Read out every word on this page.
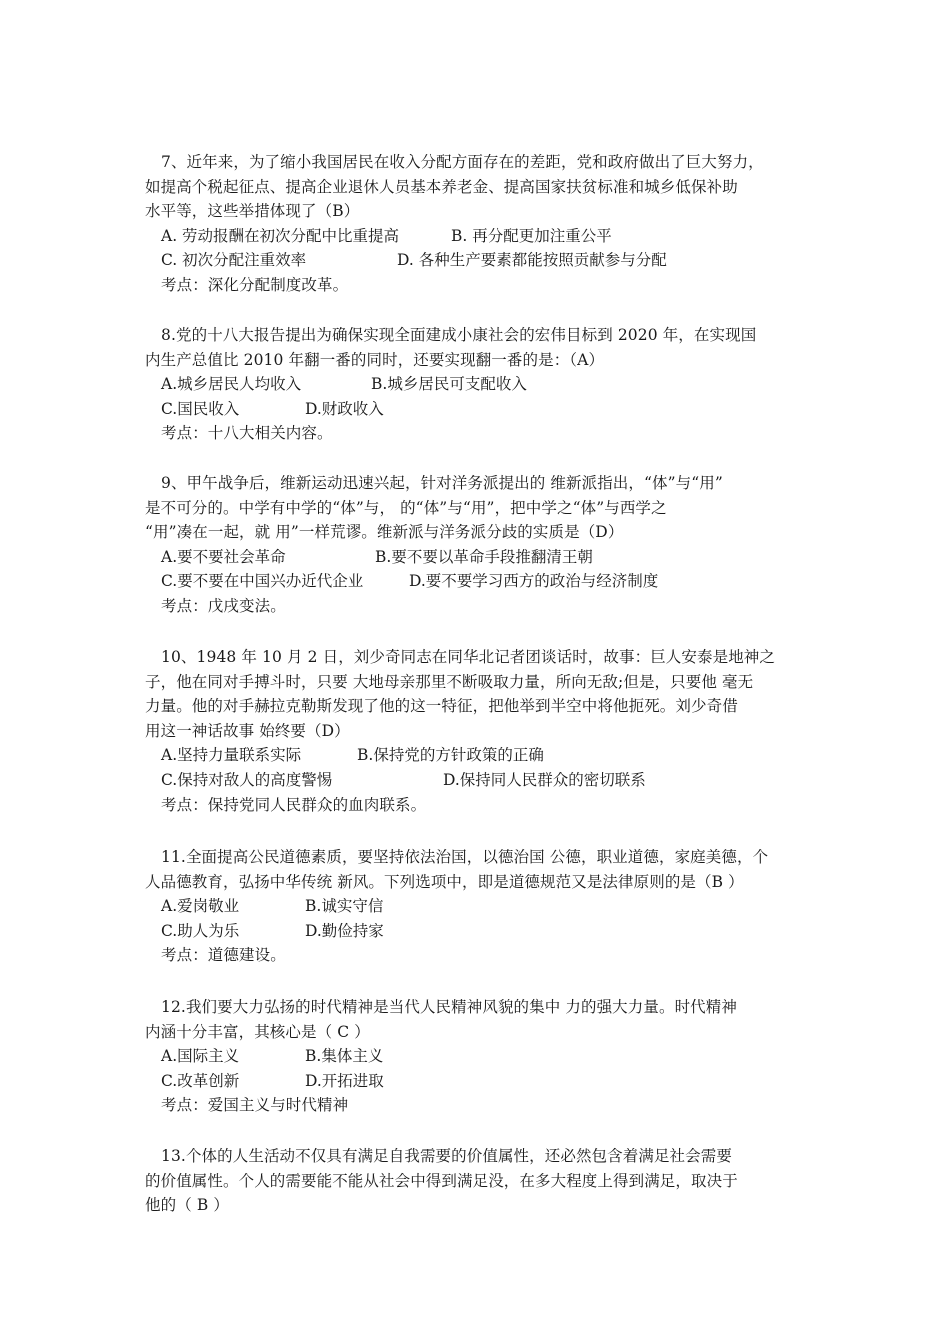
7、近年来，为了缩小我国居民在收入分配方面存在的差距，党和政府做出了巨大努力，
如提高个税起征点、提高企业退休人员基本养老金、提高国家扶贫标准和城乡低保补助
水平等，这些举措体现了（B）
A. 劳动报酬在初次分配中比重提高	B. 再分配更加注重公平
C. 初次分配注重效率	D. 各种生产要素都能按照贡献参与分配
考点：深化分配制度改革。
8.党的十八大报告提出为确保实现全面建成小康社会的宏伟目标到 2020 年，在实现国
内生产总值比 2010 年翻一番的同时，还要实现翻一番的是：（A）
A.城乡居民人均收入	B.城乡居民可支配收入
C.国民收入	D.财政收入
考点：十八大相关内容。
9、甲午战争后，维新运动迅速兴起，针对洋务派提出的 维新派指出，“体”与“用”
是不可分的。中学有中学的“体”与， 的“体”与“用”，把中学之“体”与西学之
“用”凑在一起，就 用”一样荒谬。维新派与洋务派分歧的实质是（D）
A.要不要社会革命	B.要不要以革命手段推翻清王朝
C.要不要在中国兴办近代企业	D.要不要学习西方的政治与经济制度
考点：戊戌变法。
10、1948 年 10 月 2 日，刘少奇同志在同华北记者团谈话时，故事：巨人安泰是地神之
子，他在同对手搏斗时，只要 大地母亲那里不断吸取力量，所向无敌;但是，只要他 毫无
力量。他的对手赫拉克勒斯发现了他的这一特征，把他举到半空中将他扼死。刘少奇借
用这一神话故事 始终要（D）
A.坚持力量联系实际	B.保持党的方针政策的正确
C.保持对敌人的高度警惕	D.保持同人民群众的密切联系
考点：保持党同人民群众的血肉联系。
11.全面提高公民道德素质，要坚持依法治国，以德治国 公德，职业道德，家庭美德，个
人品德教育，弘扬中华传统 新风。下列选项中，即是道德规范又是法律原则的是（B ）
A.爱岗敬业	B.诚实守信
C.助人为乐	D.勤俭持家
考点：道德建设。
12.我们要大力弘扬的时代精神是当代人民精神风貌的集中 力的强大力量。时代精神
内涵十分丰富，其核心是（ C ）
A.国际主义	B.集体主义
C.改革创新	D.开拓进取
考点：爱国主义与时代精神
13.个体的人生活动不仅具有满足自我需要的价值属性，还必然包含着满足社会需要
的价值属性。个人的需要能不能从社会中得到满足没，在多大程度上得到满足，取决于
他的（ B ）
